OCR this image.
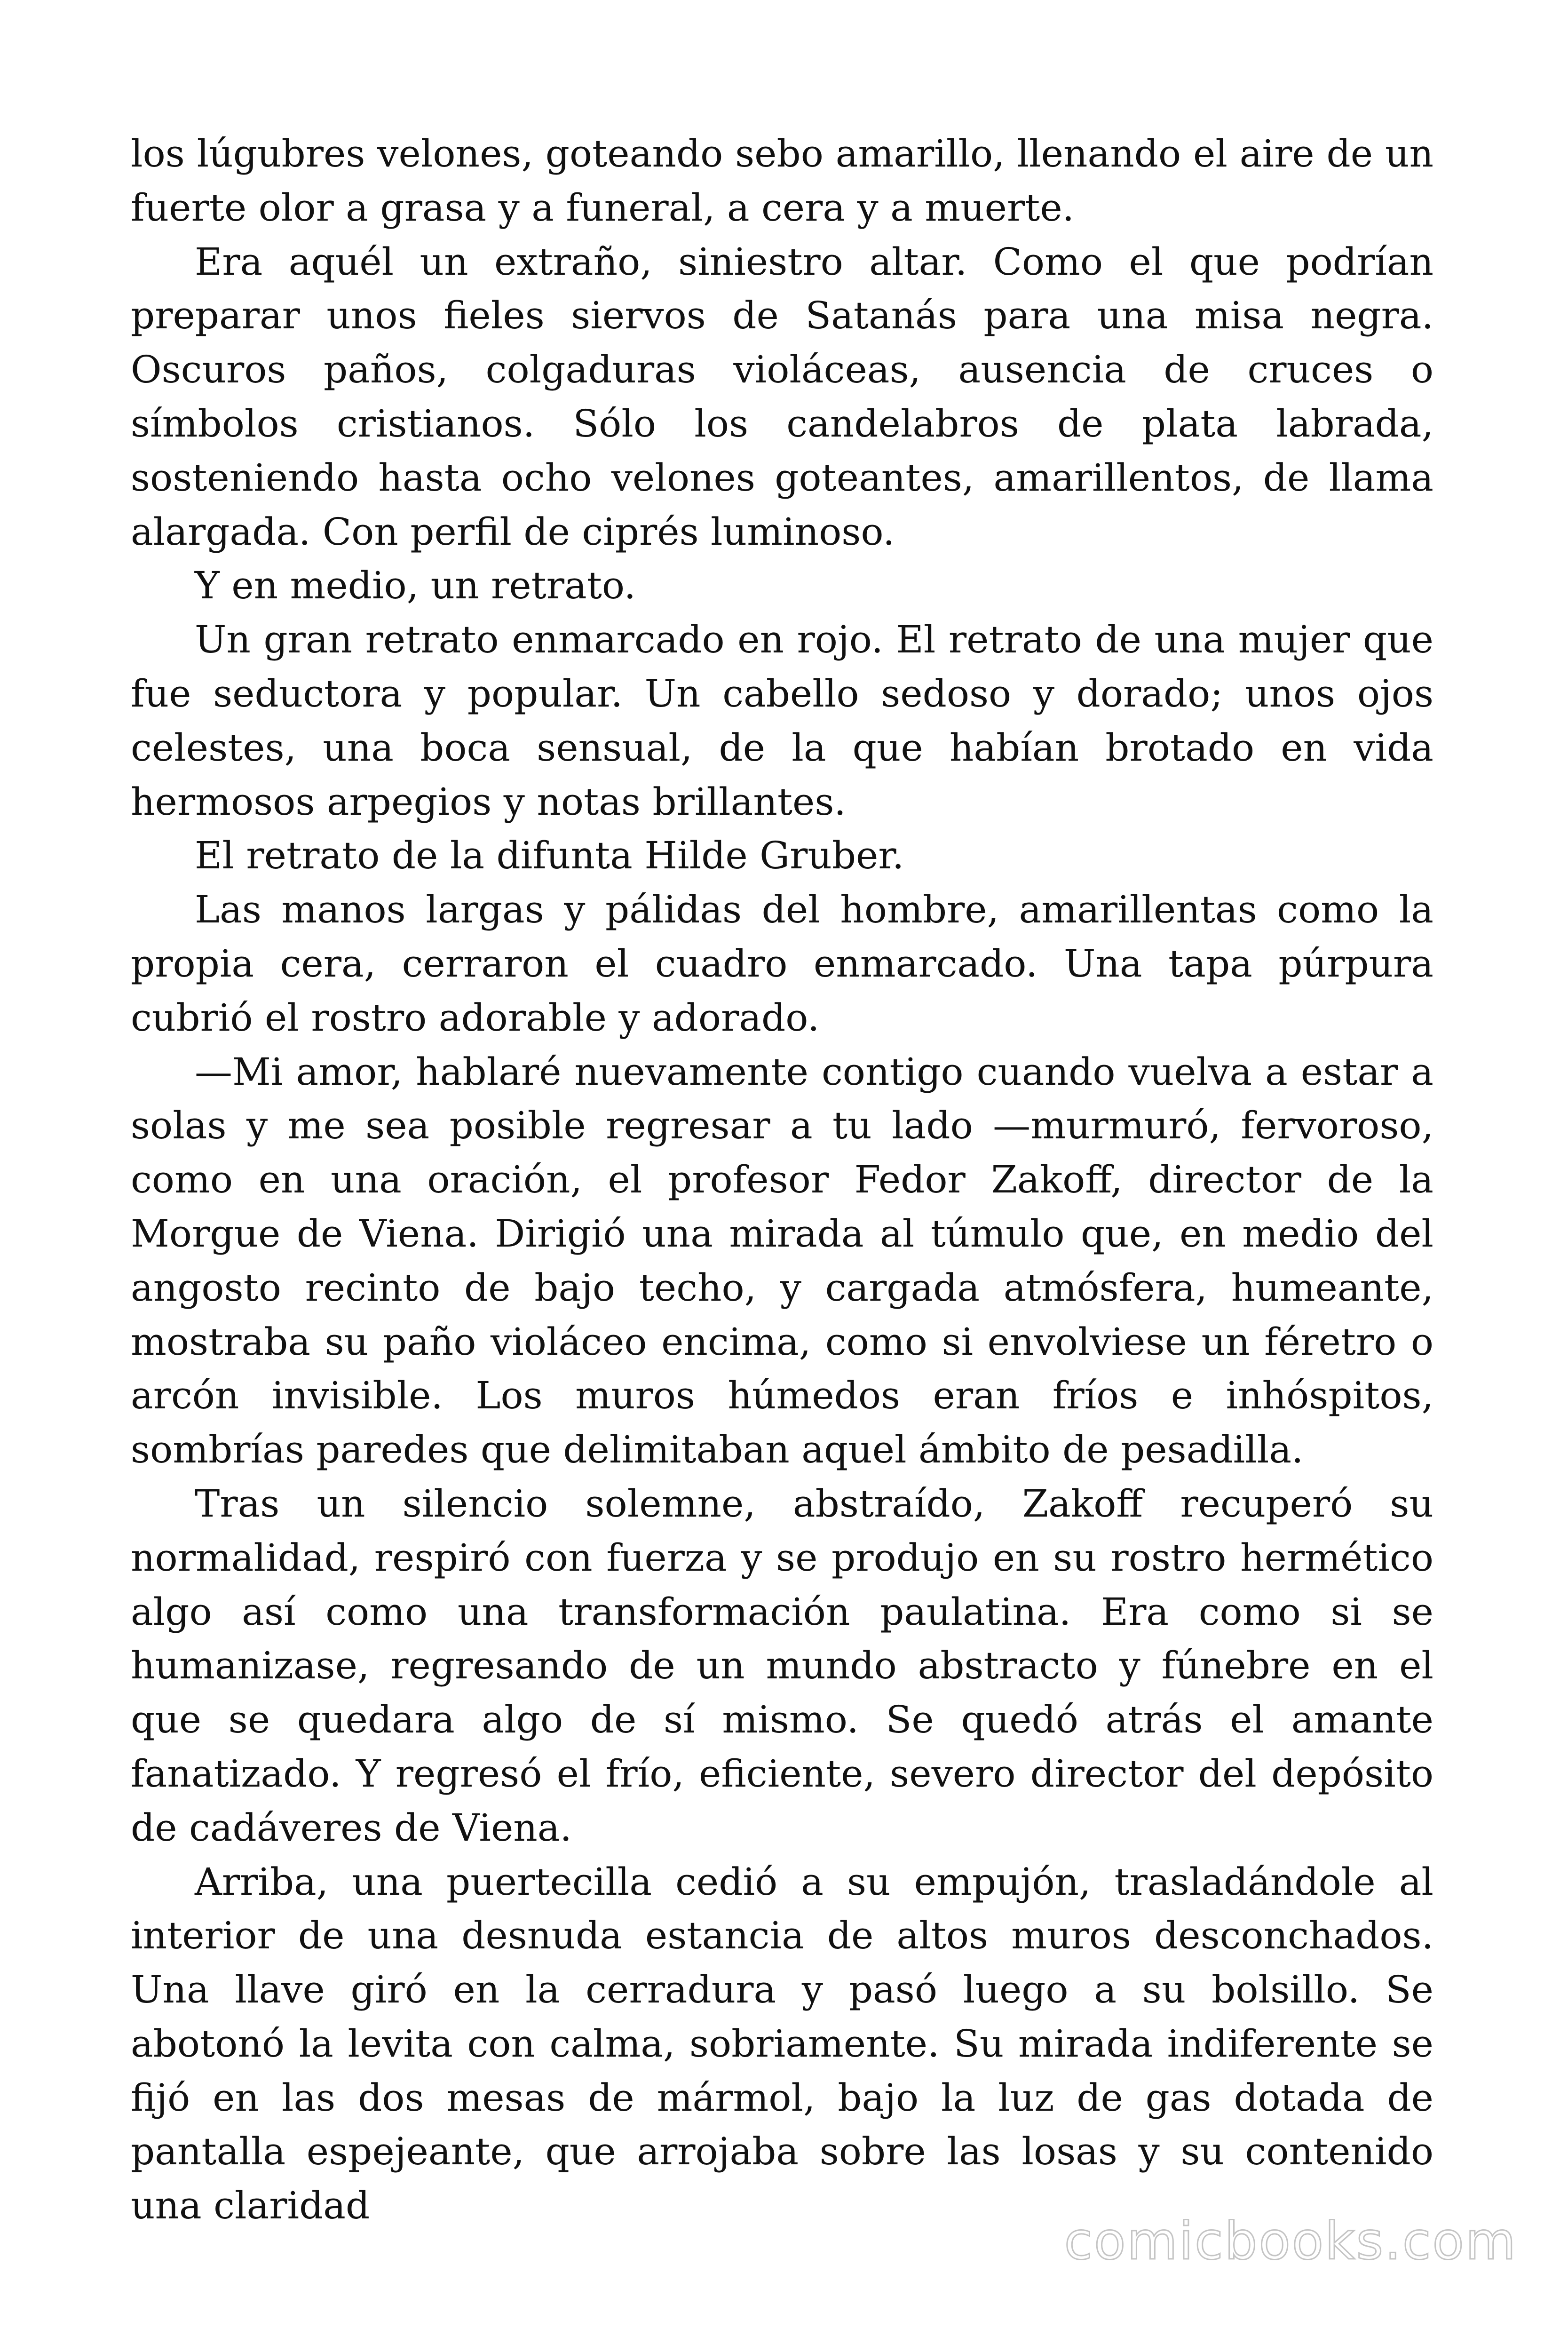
los lúgubres velones, goteando sebo amarillo, llenando el aire de un fuerte olor a grasa y a funeral, a cera y a muerte.

Era aquél un extraño, siniestro altar. Como el que podrían preparar unos fieles siervos de Satanás para una misa negra. Oscuros paños, colgaduras violáceas, ausencia de cruces o símbolos cristianos. Sólo los candelabros de plata labrada, sosteniendo hasta ocho velones goteantes, amarillentos, de llama alargada. Con perfil de ciprés luminoso.

Y en medio, un retrato.

Un gran retrato enmarcado en rojo. El retrato de una mujer que fue seductora y popular. Un cabello sedoso y dorado; unos ojos celestes, una boca sensual, de la que habían brotado en vida hermosos arpegios y notas brillantes.

El retrato de la difunta Hilde Gruber.

Las manos largas y pálidas del hombre, amarillentas como la propia cera, cerraron el cuadro enmarcado. Una tapa púrpura cubrió el rostro adorable y adorado.

—Mi amor, hablaré nuevamente contigo cuando vuelva a estar a solas y me sea posible regresar a tu lado —murmuró, fervoroso, como en una oración, el profesor Fedor Zakoff, director de la Morgue de Viena. Dirigió una mirada al túmulo que, en medio del angosto recinto de bajo techo, y cargada atmósfera, humeante, mostraba su paño violáceo encima, como si envolviese un féretro o arcón invisible. Los muros húmedos eran fríos e inhóspitos, sombrías paredes que delimitaban aquel ámbito de pesadilla.

Tras un silencio solemne, abstraído, Zakoff recuperó su normalidad, respiró con fuerza y se produjo en su rostro hermético algo así como una transformación paulatina. Era como si se humanizase, regresando de un mundo abstracto y fúnebre en el que se quedara algo de sí mismo. Se quedó atrás el amante fanatizado. Y regresó el frío, eficiente, severo director del depósito de cadáveres de Viena.

Arriba, una puertecilla cedió a su empujón, trasladándole al interior de una desnuda estancia de altos muros desconchados. Una llave giró en la cerradura y pasó luego a su bolsillo. Se abotonó la levita con calma, sobriamente. Su mirada indiferente se fijó en las dos mesas de mármol, bajo la luz de gas dotada de pantalla espejeante, que arrojaba sobre las losas y su contenido una claridad

comicbooks.com
